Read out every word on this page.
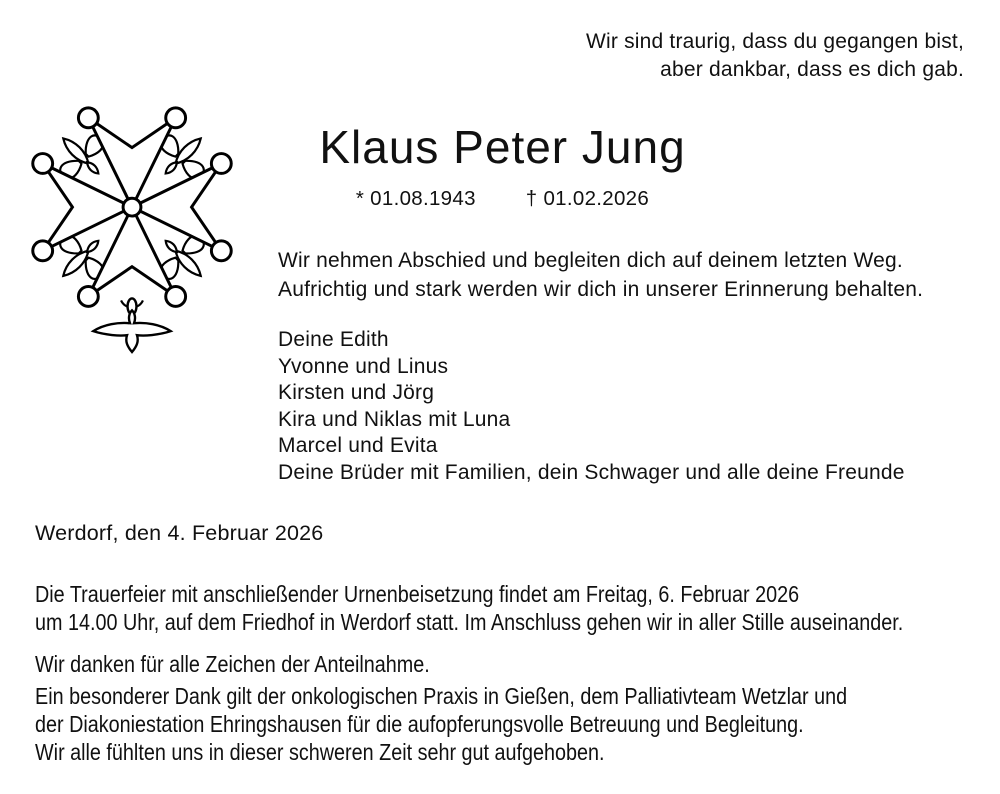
Wir sind traurig, dass du gegangen bist,
aber dankbar, dass es dich gab.
Klaus Peter Jung
* 01.08.1943 † 01.02.2026
Wir nehmen Abschied und begleiten dich auf deinem letzten Weg.
Aufrichtig und stark werden wir dich in unserer Erinnerung behalten.
Deine Edith
Yvonne und Linus
Kirsten und Jörg
Kira und Niklas mit Luna
Marcel und Evita
Deine Brüder mit Familien, dein Schwager und alle deine Freunde
Werdorf, den 4. Februar 2026
Die Trauerfeier mit anschließender Urnenbeisetzung findet am Freitag, 6. Februar 2026
um 14.00 Uhr, auf dem Friedhof in Werdorf statt. Im Anschluss gehen wir in aller Stille auseinander.
Wir danken für alle Zeichen der Anteilnahme.
Ein besonderer Dank gilt der onkologischen Praxis in Gießen, dem Palliativteam Wetzlar und
der Diakoniestation Ehringshausen für die aufopferungsvolle Betreuung und Begleitung.
Wir alle fühlten uns in dieser schweren Zeit sehr gut aufgehoben.
